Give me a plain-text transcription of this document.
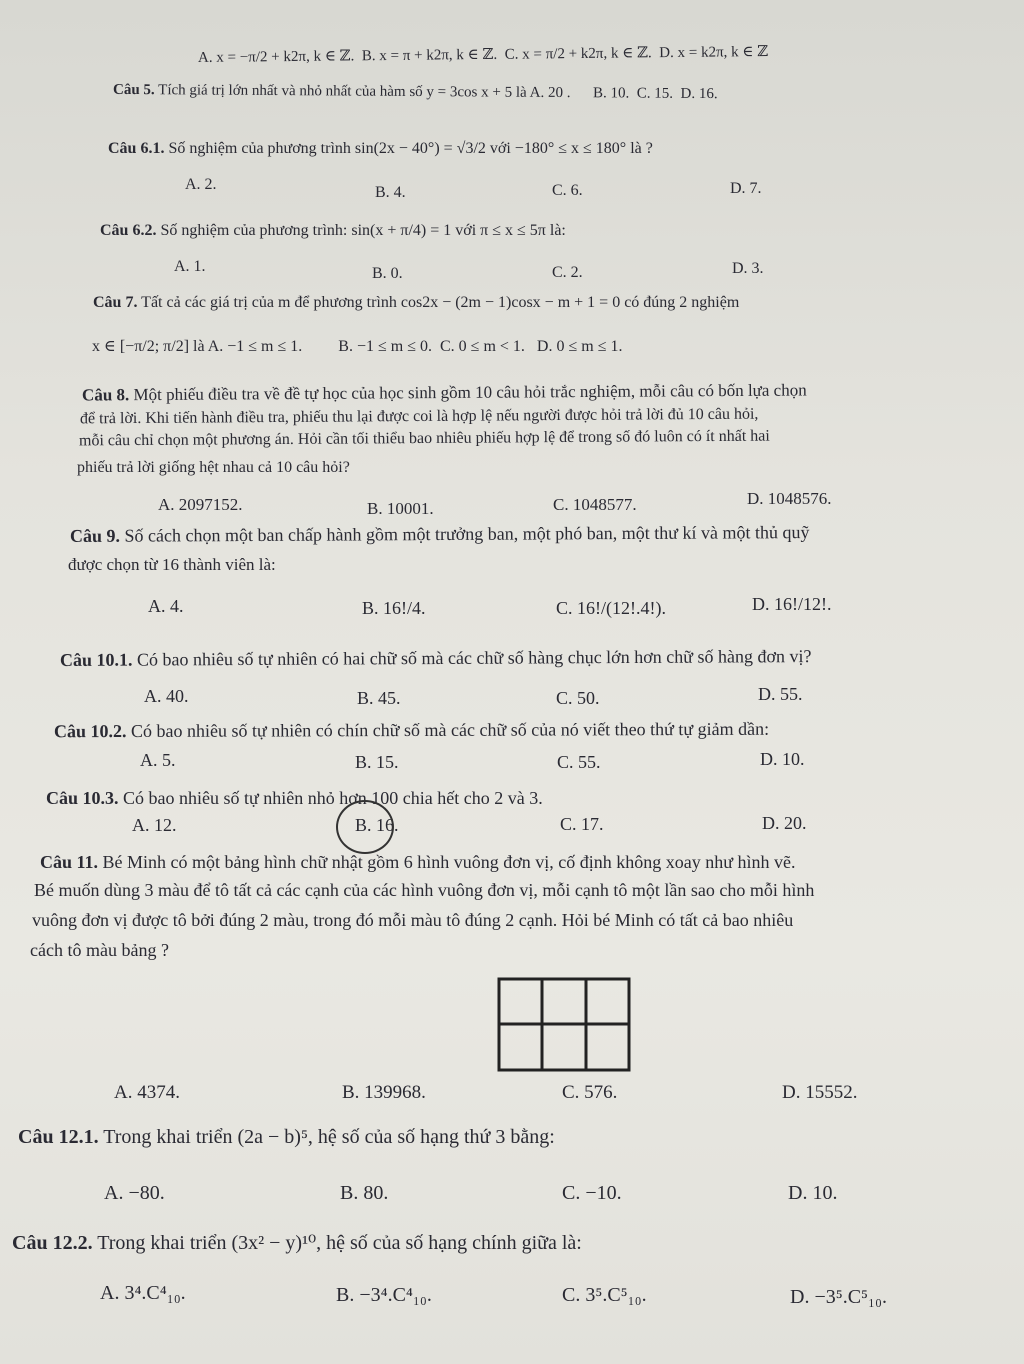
A. x = −π/2 + k2π, k ∈ ℤ.  B. x = π + k2π, k ∈ ℤ.  C. x = π/2 + k2π, k ∈ ℤ.  D. x = k2π, k ∈ ℤ
Câu 5. Tích giá trị lớn nhất và nhỏ nhất của hàm số y = 3cos x + 5 là A. 20 .      B. 10.  C. 15.  D. 16.
Câu 6.1. Số nghiệm của phương trình sin(2x − 40°) = √3/2 với −180° ≤ x ≤ 180° là ?
A. 2.	B. 4.	C. 6.	D. 7.
Câu 6.2. Số nghiệm của phương trình: sin(x + π/4) = 1 với π ≤ x ≤ 5π là:
A. 1.	B. 0.	C. 2.	D. 3.
Câu 7. Tất cả các giá trị của m để phương trình cos2x − (2m − 1)cosx − m + 1 = 0 có đúng 2 nghiệm
x ∈ [−π/2; π/2] là A. −1 ≤ m ≤ 1. B. −1 ≤ m ≤ 0. C. 0 ≤ m < 1. D. 0 ≤ m ≤ 1.
Câu 8. Một phiếu điều tra về đề tự học của học sinh gồm 10 câu hỏi trắc nghiệm, mỗi câu có bốn lựa chọn
để trả lời. Khi tiến hành điều tra, phiếu thu lại được coi là hợp lệ nếu người được hỏi trả lời đủ 10 câu hỏi,
mỗi câu chỉ chọn một phương án. Hỏi cần tối thiểu bao nhiêu phiếu hợp lệ để trong số đó luôn có ít nhất hai
phiếu trả lời giống hệt nhau cả 10 câu hỏi?
A. 2097152.	B. 10001.	C. 1048577.	D. 1048576.
Câu 9. Số cách chọn một ban chấp hành gồm một trưởng ban, một phó ban, một thư kí và một thủ quỹ
được chọn từ 16 thành viên là:
A. 4.	B. 16!/4.	C. 16!/(12!.4!).	D. 16!/12!.
Câu 10.1. Có bao nhiêu số tự nhiên có hai chữ số mà các chữ số hàng chục lớn hơn chữ số hàng đơn vị?
A. 40.	B. 45.	C. 50.	D. 55.
Câu 10.2. Có bao nhiêu số tự nhiên có chín chữ số mà các chữ số của nó viết theo thứ tự giảm dần:
A. 5.	B. 15.	C. 55.	D. 10.
Câu 10.3. Có bao nhiêu số tự nhiên nhỏ hơn 100 chia hết cho 2 và 3.
A. 12.	B. 16.	C. 17.	D. 20.
Câu 11. Bé Minh có một bảng hình chữ nhật gồm 6 hình vuông đơn vị, cố định không xoay như hình vẽ.
Bé muốn dùng 3 màu để tô tất cả các cạnh của các hình vuông đơn vị, mỗi cạnh tô một lần sao cho mỗi hình
vuông đơn vị được tô bởi đúng 2 màu, trong đó mỗi màu tô đúng 2 cạnh. Hỏi bé Minh có tất cả bao nhiêu
cách tô màu bảng ?
A. 4374.	B. 139968.	C. 576.	D. 15552.
Câu 12.1. Trong khai triển (2a − b)⁵, hệ số của số hạng thứ 3 bằng:
A. −80.	B. 80.	C. −10.	D. 10.
Câu 12.2. Trong khai triển (3x² − y)¹⁰, hệ số của số hạng chính giữa là:
A. 3⁴.C⁴₁₀.	B. −3⁴.C⁴₁₀.	C. 3⁵.C⁵₁₀.	D. −3⁵.C⁵₁₀.
